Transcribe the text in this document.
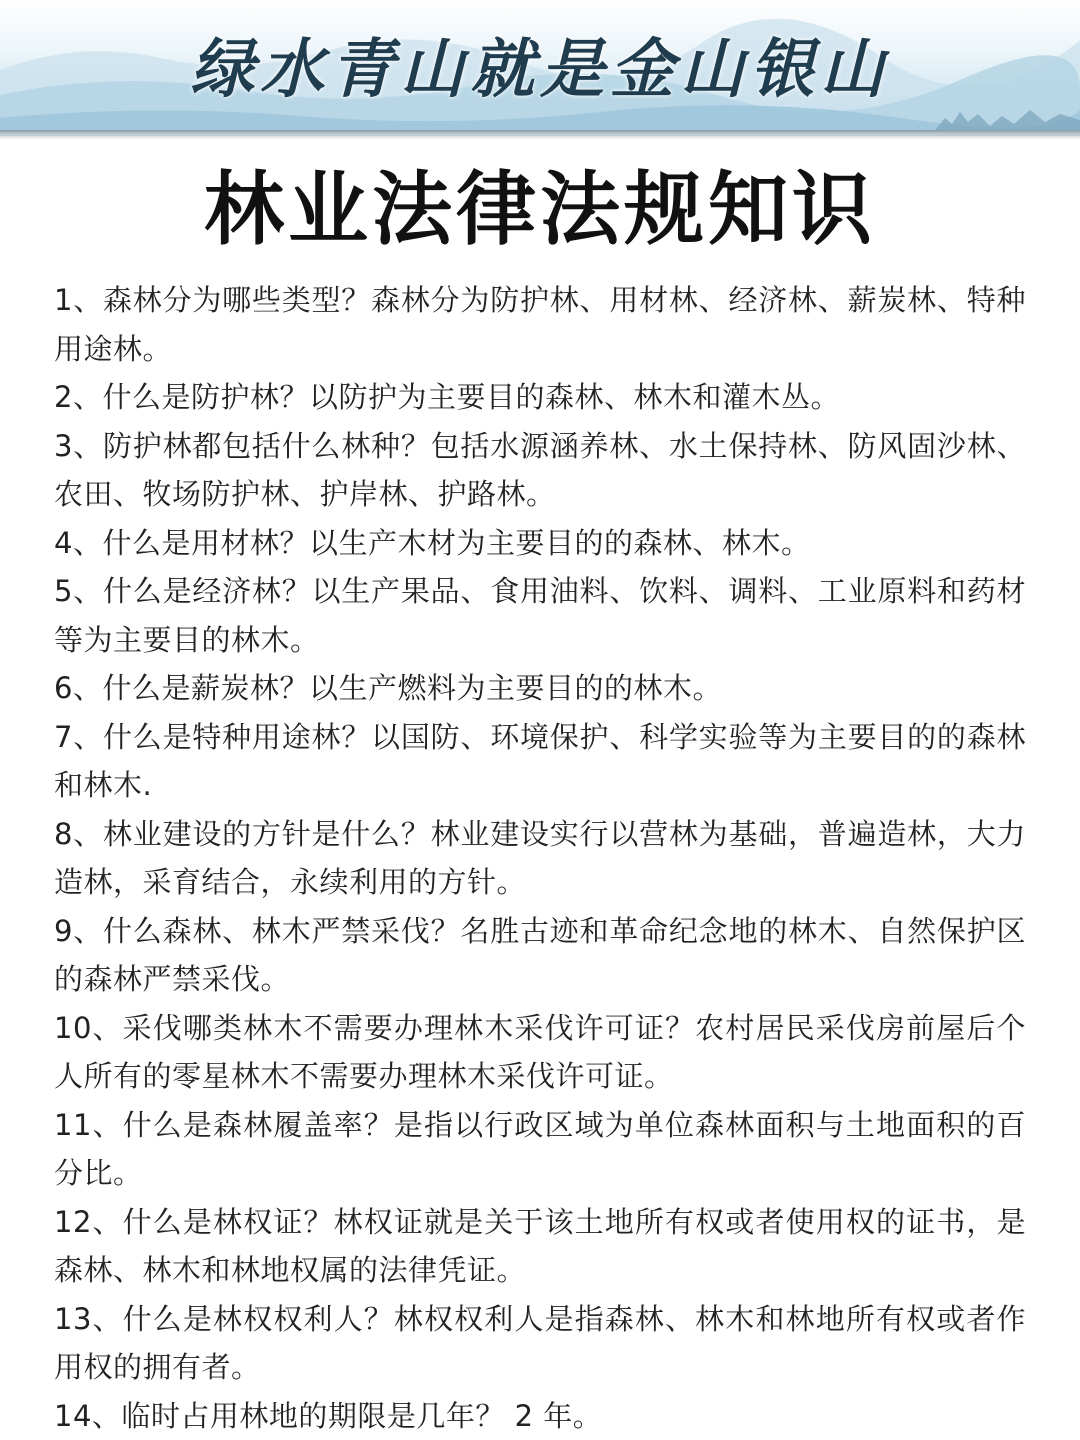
绿水青山就是金山银山
林业法律法规知识

1、森林分为哪些类型？森林分为防护林、用材林、经济林、薪炭林、特种用途林。

2、什么是防护林？以防护为主要目的森林、林木和灌木丛。

3、防护林都包括什么林种？包括水源涵养林、水土保持林、防风固沙林、农田、牧场防护林、护岸林、护路林。

4、什么是用材林？以生产木材为主要目的的森林、林木。

5、什么是经济林？以生产果品、食用油料、饮料、调料、工业原料和药材等为主要目的林木。

6、什么是薪炭林？以生产燃料为主要目的的林木。

7、什么是特种用途林？以国防、环境保护、科学实验等为主要目的的森林和林木.

8、林业建设的方针是什么？林业建设实行以营林为基础，普遍造林，大力造林，采育结合，永续利用的方针。

9、什么森林、林木严禁采伐？名胜古迹和革命纪念地的林木、自然保护区的森林严禁采伐。

10、采伐哪类林木不需要办理林木采伐许可证？农村居民采伐房前屋后个人所有的零星林木不需要办理林木采伐许可证。

11、什么是森林履盖率？是指以行政区域为单位森林面积与土地面积的百分比。

12、什么是林权证？林权证就是关于该土地所有权或者使用权的证书，是森林、林木和林地权属的法律凭证。

13、什么是林权权利人？林权权利人是指森林、林木和林地所有权或者作用权的拥有者。

14、临时占用林地的期限是几年？ 2 年。
